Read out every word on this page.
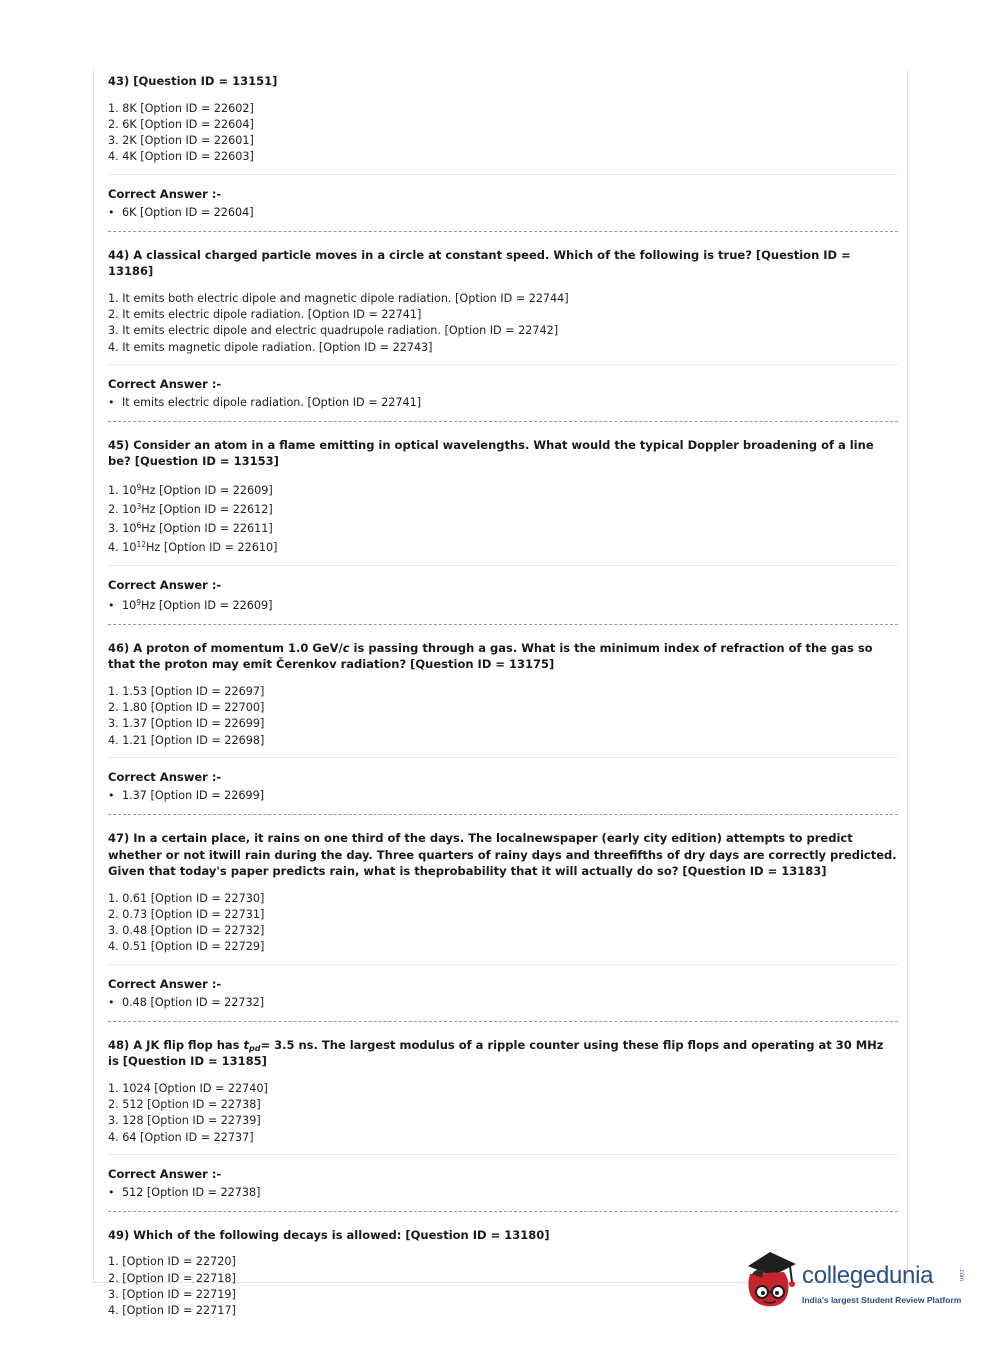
43) [Question ID = 13151]

1. 8K [Option ID = 22602]
2. 6K [Option ID = 22604]
3. 2K [Option ID = 22601]
4. 4K [Option ID = 22603]
Correct Answer :-
• 6K [Option ID = 22604]

44) A classical charged particle moves in a circle at constant speed. Which of the following is true? [Question ID = 13186]

1. It emits both electric dipole and magnetic dipole radiation. [Option ID = 22744]
2. It emits electric dipole radiation. [Option ID = 22741]
3. It emits electric dipole and electric quadrupole radiation. [Option ID = 22742]
4. It emits magnetic dipole radiation. [Option ID = 22743]
Correct Answer :-
• It emits electric dipole radiation. [Option ID = 22741]

45) Consider an atom in a flame emitting in optical wavelengths. What would the typical Doppler broadening of a line be? [Question ID = 13153]

1. $10^9Hz$ [Option ID = 22609]
2. $10^3Hz$ [Option ID = 22612]
3. $10^6Hz$ [Option ID = 22611]
4. $10^{12}Hz$ [Option ID = 22610]
Correct Answer :-
• $10^9Hz$ [Option ID = 22609]

46) A proton of momentum 1.0 GeV/c is passing through a gas. What is the minimum index of refraction of the gas so that the proton may emit Čerenkov radiation? [Question ID = 13175]

1. 1.53 [Option ID = 22697]
2. 1.80 [Option ID = 22700]
3. 1.37 [Option ID = 22699]
4. 1.21 [Option ID = 22698]
Correct Answer :-
• 1.37 [Option ID = 22699]

47) In a certain place, it rains on one third of the days. The localnewspaper (early city edition) attempts to predict whether or not itwill rain during the day. Three quarters of rainy days and threefifths of dry days are correctly predicted. Given that today's paper predicts rain, what is theprobability that it will actually do so? [Question ID = 13183]

1. 0.61 [Option ID = 22730]
2. 0.73 [Option ID = 22731]
3. 0.48 [Option ID = 22732]
4. 0.51 [Option ID = 22729]
Correct Answer :-
• 0.48 [Option ID = 22732]

48) A JK flip flop has $t_{pd}= 3.5$ ns. The largest modulus of a ripple counter using these flip flops and operating at 30 MHz is [Question ID = 13185]

1. 1024 [Option ID = 22740]
2. 512 [Option ID = 22738]
3. 128 [Option ID = 22739]
4. 64 [Option ID = 22737]
Correct Answer :-
• 512 [Option ID = 22738]

49) Which of the following decays is allowed: [Question ID = 13180]

1. [Option ID = 22720]
2. [Option ID = 22718]
3. [Option ID = 22719]
4. [Option ID = 22717]
collegedunia	.com
India's largest Student Review Platform
